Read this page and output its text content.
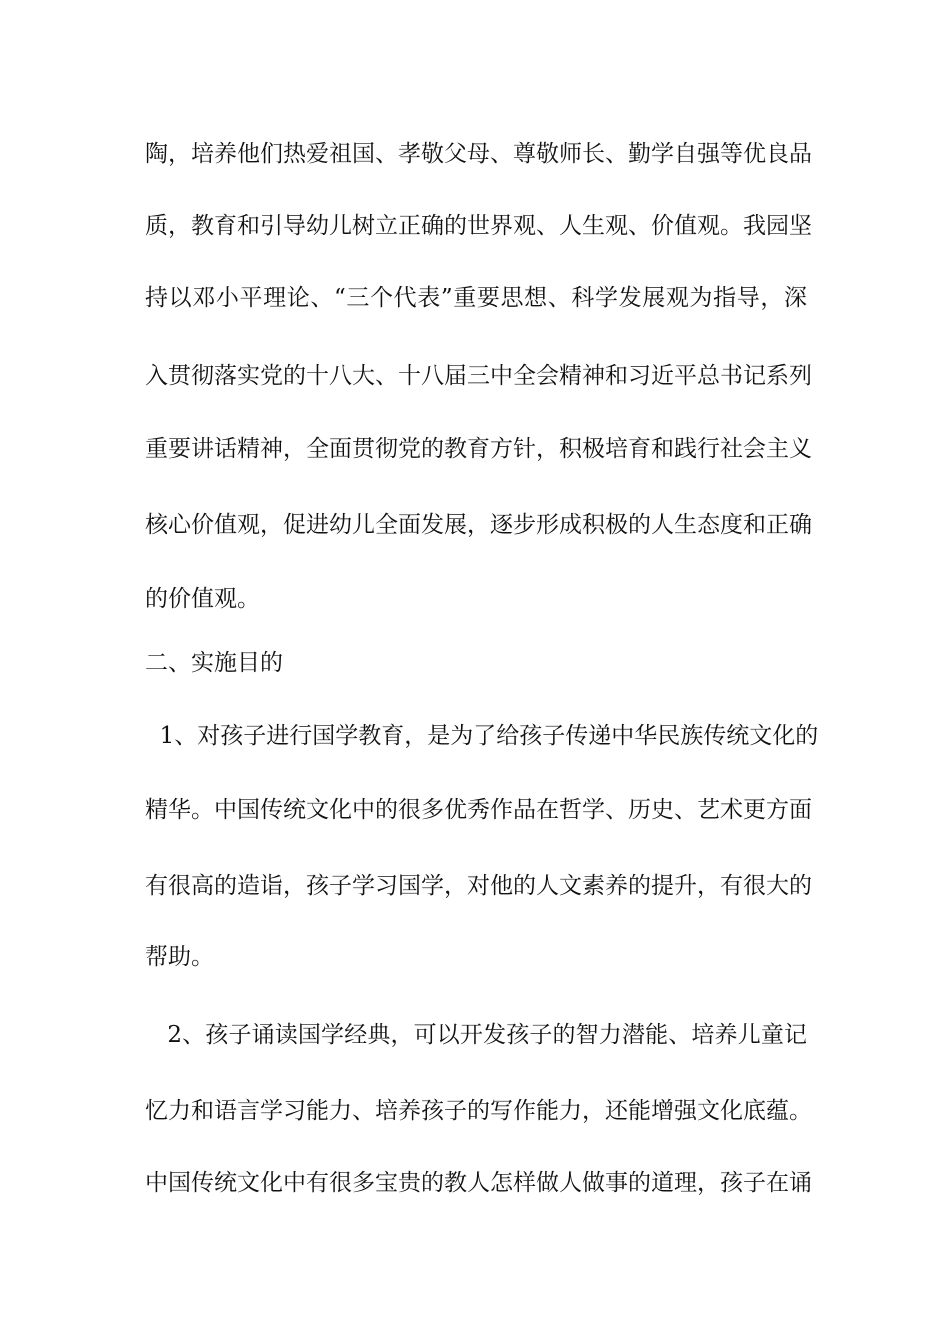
陶，培养他们热爱祖国、孝敬父母、尊敬师长、勤学自强等优良品
质，教育和引导幼儿树立正确的世界观、人生观、价值观。我园坚
持以邓小平理论、“三个代表”重要思想、科学发展观为指导，深
入贯彻落实党的十八大、十八届三中全会精神和习近平总书记系列
重要讲话精神，全面贯彻党的教育方针，积极培育和践行社会主义
核心价值观，促进幼儿全面发展，逐步形成积极的人生态度和正确
的价值观。
二、实施目的
1、对孩子进行国学教育，是为了给孩子传递中华民族传统文化的
精华。中国传统文化中的很多优秀作品在哲学、历史、艺术更方面
有很高的造诣，孩子学习国学，对他的人文素养的提升，有很大的
帮助。
2、孩子诵读国学经典，可以开发孩子的智力潜能、培养儿童记
忆力和语言学习能力、培养孩子的写作能力，还能增强文化底蕴。
中国传统文化中有很多宝贵的教人怎样做人做事的道理，孩子在诵
